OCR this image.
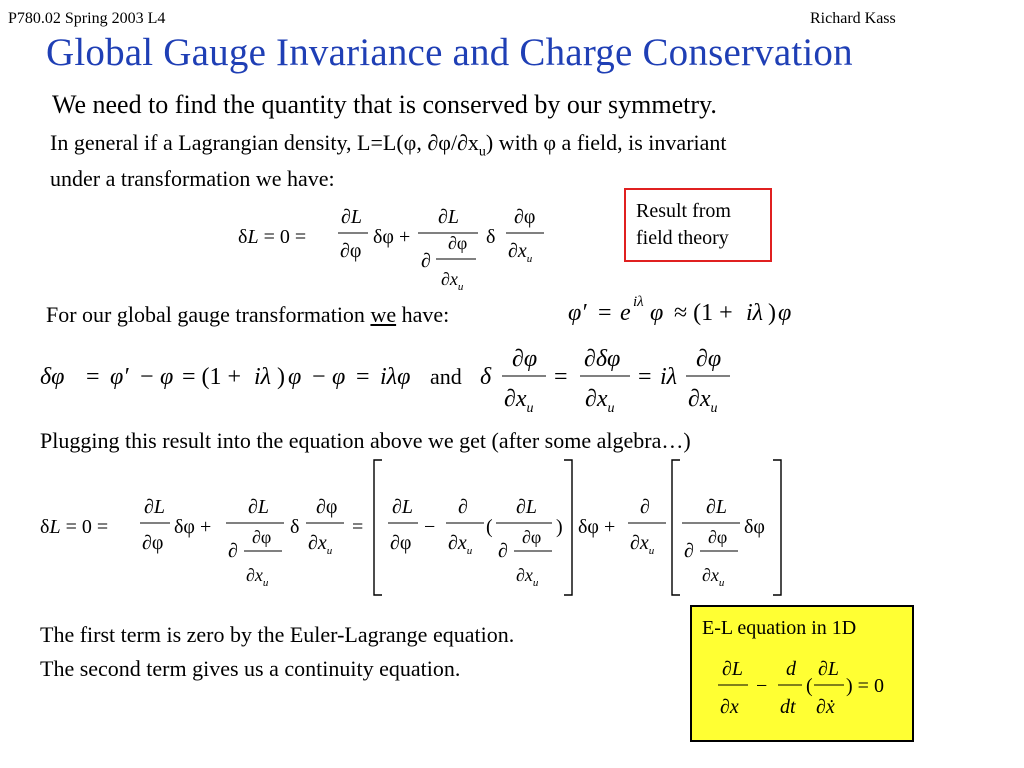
P780.02 Spring 2003 L4	Richard Kass
Global Gauge Invariance and Charge Conservation
We need to find the quantity that is conserved by our symmetry.
In general if a Lagrangian density, L=L(φ, $\partial\varphi/\partial x_u$) with φ a field, is invariant
under a transformation we have:
δL = 0 =
∂L
∂φ
δφ +
∂L
∂
∂φ
$\partial x_u$
δ
∂φ
$\partial x_u$
Result from field theory
For our global gauge transformation we have:	φ′ = e iλ φ ≈ (1 + iλ ) φ
δφ = φ′ − φ = (1 + iλ ) φ − φ = iλφ and δ
∂φ
$\partial x_u$
=
∂δφ
$\partial x_u$
= iλ
∂φ
$\partial x_u$
Plugging this result into the equation above we get (after some algebra…)
δL = 0 =
∂L
∂φ
δφ +
∂L
∂
∂φ
$\partial x_u$
δ
∂φ
$\partial x_u$
=
∂L
∂φ
−
∂
$\partial x_u$
(
∂L
∂
∂φ
$\partial x_u$
) δφ +
∂
$\partial x_u$
∂L
∂
∂φ
$\partial x_u$
δφ
The first term is zero by the Euler-Lagrange equation.
The second term gives us a continuity equation.
E-L equation in 1D
∂L
∂x
−
d
dt
(
∂L
∂ẋ
) = 0
